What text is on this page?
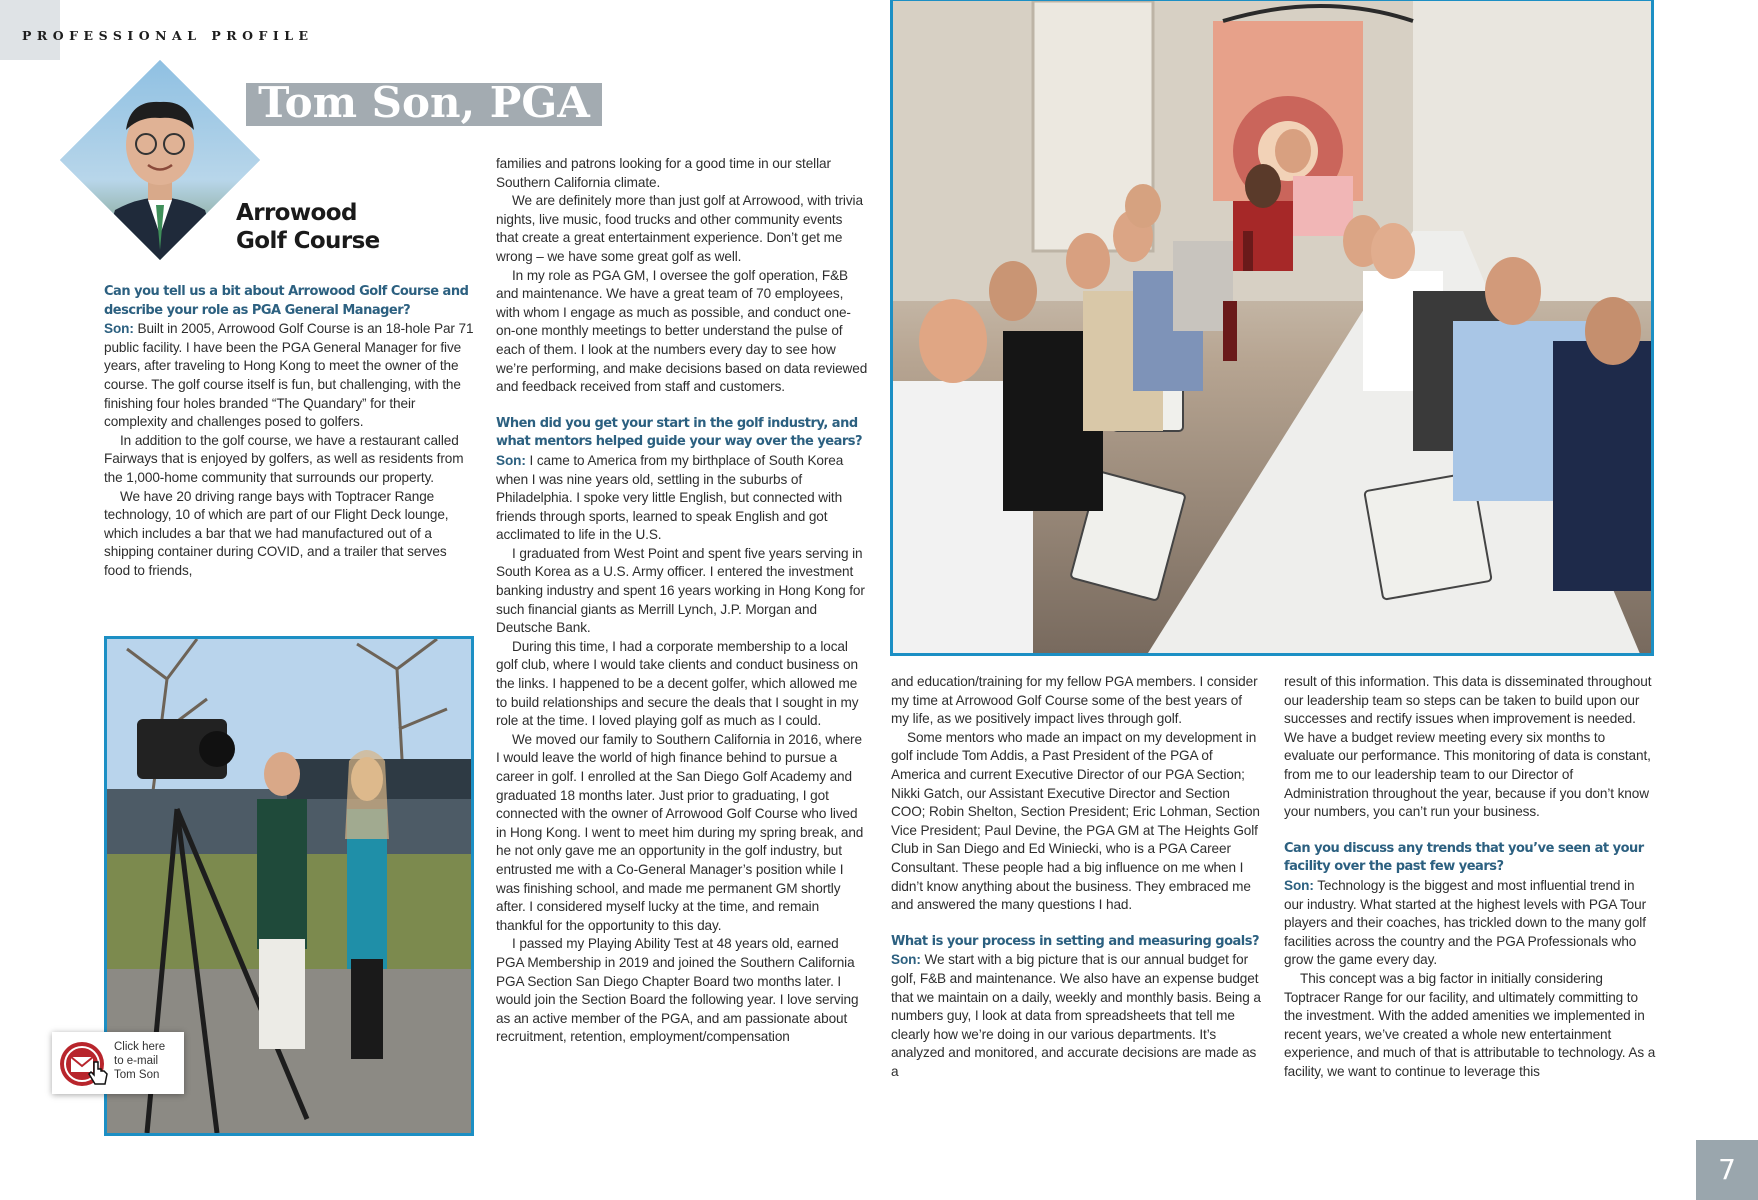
PROFESSIONAL PROFILE
Tom Son, PGA
Arrowood
Golf Course

Can you tell us a bit about Arrowood Golf Course and describe your role as PGA General Manager?

Son: Built in 2005, Arrowood Golf Course is an 18-hole Par 71 public facility. I have been the PGA General Manager for five years, after traveling to Hong Kong to meet the owner of the course. The golf course itself is fun, but challenging, with the finishing four holes branded “The Quandary” for their complexity and challenges posed to golfers.

In addition to the golf course, we have a restaurant called Fairways that is enjoyed by golfers, as well as residents from the 1,000-home community that surrounds our property.

We have 20 driving range bays with Toptracer Range technology, 10 of which are part of our Flight Deck lounge, which includes a bar that we had manufactured out of a shipping container during COVID, and a trailer that serves food to friends,

families and patrons looking for a good time in our stellar Southern California climate.

We are definitely more than just golf at Arrowood, with trivia nights, live music, food trucks and other community events that create a great entertainment experience. Don’t get me wrong – we have some great golf as well.

In my role as PGA GM, I oversee the golf operation, F&B and maintenance. We have a great team of 70 employees, with whom I engage as much as possible, and conduct one-on-one monthly meetings to better understand the pulse of each of them. I look at the numbers every day to see how we’re performing, and make decisions based on data reviewed and feedback received from staff and customers.

When did you get your start in the golf industry, and what mentors helped guide your way over the years?

Son: I came to America from my birthplace of South Korea when I was nine years old, settling in the suburbs of Philadelphia. I spoke very little English, but connected with friends through sports, learned to speak English and got acclimated to life in the U.S.

I graduated from West Point and spent five years serving in South Korea as a U.S. Army officer. I entered the investment banking industry and spent 16 years working in Hong Kong for such financial giants as Merrill Lynch, J.P. Morgan and Deutsche Bank.

During this time, I had a corporate membership to a local golf club, where I would take clients and conduct business on the links. I happened to be a decent golfer, which allowed me to build relationships and secure the deals that I sought in my role at the time. I loved playing golf as much as I could.

We moved our family to Southern California in 2016, where I would leave the world of high finance behind to pursue a career in golf. I enrolled at the San Diego Golf Academy and graduated 18 months later. Just prior to graduating, I got connected with the owner of Arrowood Golf Course who lived in Hong Kong. I went to meet him during my spring break, and he not only gave me an opportunity in the golf industry, but entrusted me with a Co-General Manager’s position while I was finishing school, and made me permanent GM shortly after. I considered myself lucky at the time, and remain thankful for the opportunity to this day.

I passed my Playing Ability Test at 48 years old, earned PGA Membership in 2019 and joined the Southern California PGA Section San Diego Chapter Board two months later. I would join the Section Board the following year. I love serving as an active member of the PGA, and am passionate about recruitment, retention, employment/compensation

and education/training for my fellow PGA members. I consider my time at Arrowood Golf Course some of the best years of my life, as we positively impact lives through golf.

Some mentors who made an impact on my development in golf include Tom Addis, a Past President of the PGA of America and current Executive Director of our PGA Section; Nikki Gatch, our Assistant Executive Director and Section COO; Robin Shelton, Section President; Eric Lohman, Section Vice President; Paul Devine, the PGA GM at The Heights Golf Club in San Diego and Ed Winiecki, who is a PGA Career Consultant. These people had a big influence on me when I didn’t know anything about the business. They embraced me and answered the many questions I had.

What is your process in setting and measuring goals?

Son: We start with a big picture that is our annual budget for golf, F&B and maintenance. We also have an expense budget that we maintain on a daily, weekly and monthly basis. Being a numbers guy, I look at data from spreadsheets that tell me clearly how we’re doing in our various departments. It’s analyzed and monitored, and accurate decisions are made as a

result of this information. This data is disseminated throughout our leadership team so steps can be taken to build upon our successes and rectify issues when improvement is needed. We have a budget review meeting every six months to evaluate our performance. This monitoring of data is constant, from me to our leadership team to our Director of Administration throughout the year, because if you don’t know your numbers, you can’t run your business.

Can you discuss any trends that you’ve seen at your facility over the past few years?

Son: Technology is the biggest and most influential trend in our industry. What started at the highest levels with PGA Tour players and their coaches, has trickled down to the many golf facilities across the country and the PGA Professionals who grow the game every day.

This concept was a big factor in initially considering Toptracer Range for our facility, and ultimately committing to the investment. With the added amenities we implemented in recent years, we’ve created a whole new entertainment experience, and much of that is attributable to technology. As a facility, we want to continue to leverage this

Click here
to e-mail
Tom Son
7
